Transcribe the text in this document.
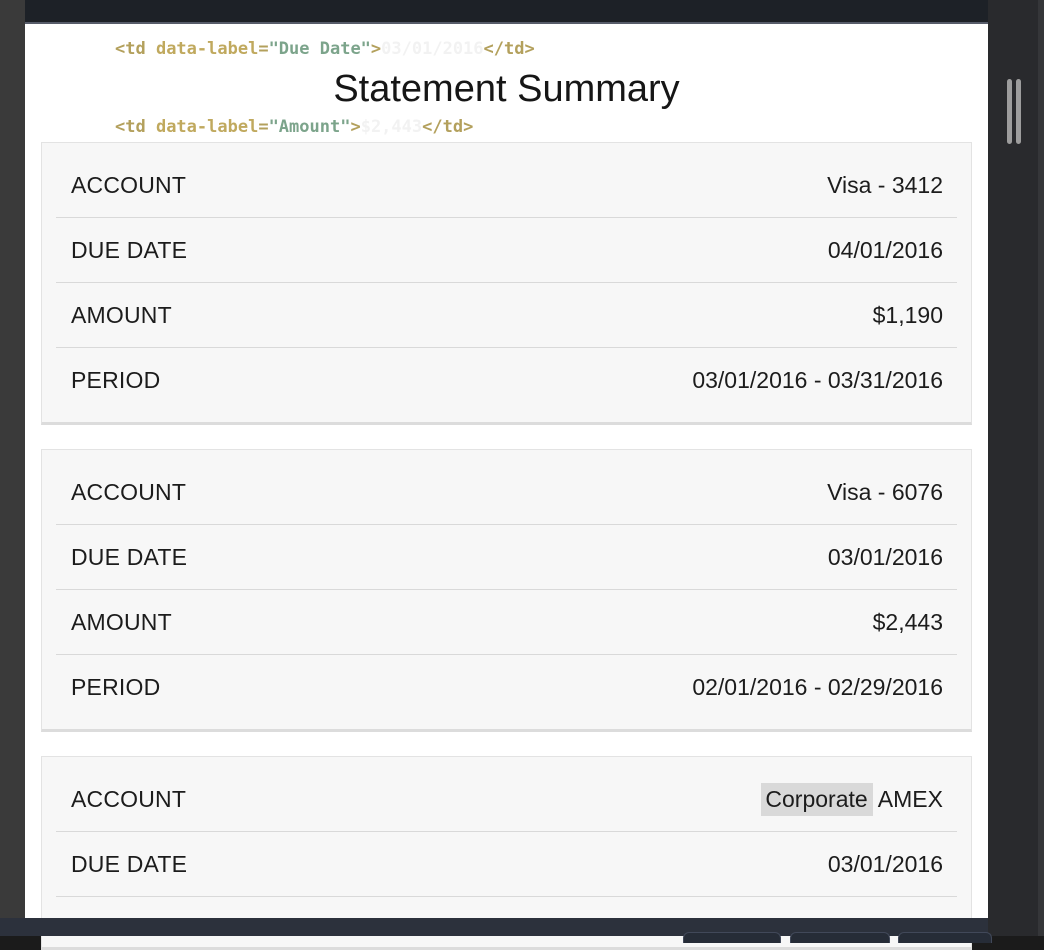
<td data-label="Due Date">03/01/2016</td>

<td data-label="Amount">$2,443</td>

Statement Summary
ACCOUNT	Visa - 3412
DUE DATE	04/01/2016
AMOUNT	$1,190
PERIOD	03/01/2016 - 03/31/2016
ACCOUNT	Visa - 6076
DUE DATE	03/01/2016
AMOUNT	$2,443
PERIOD	02/01/2016 - 02/29/2016
ACCOUNT	Corporate AMEX
DUE DATE	03/01/2016
